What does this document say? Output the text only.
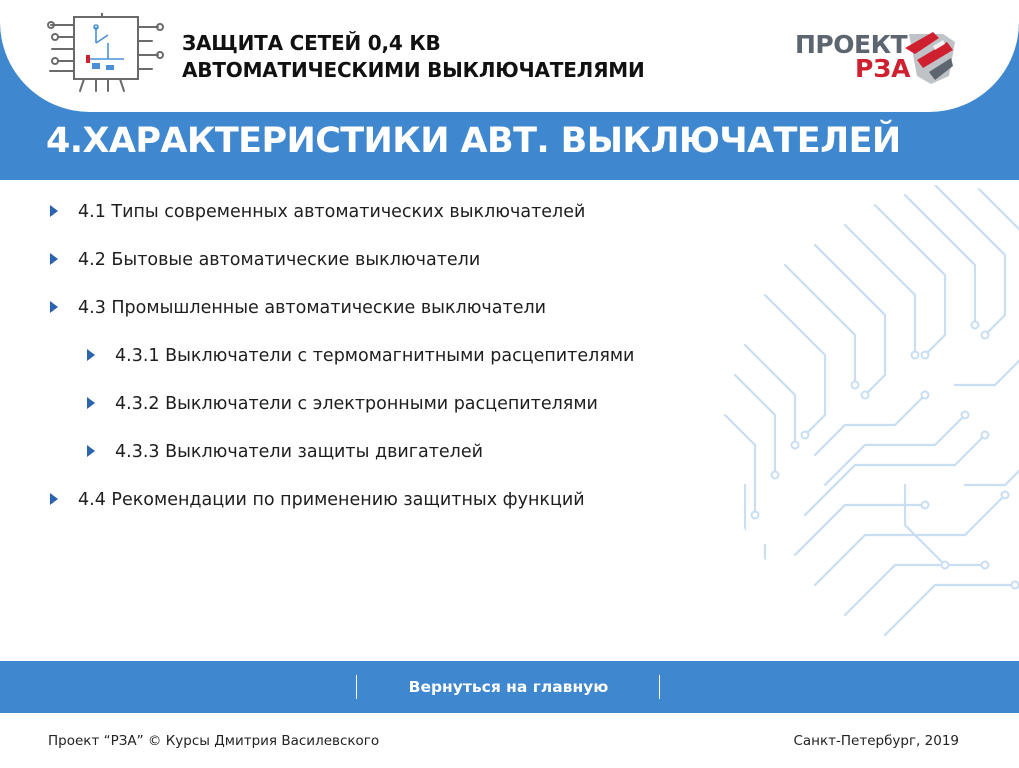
ЗАЩИТА СЕТЕЙ 0,4 КВ
АВТОМАТИЧЕСКИМИ ВЫКЛЮЧАТЕЛЯМИ
ПРОЕКТ
РЗА
4.ХАРАКТЕРИСТИКИ АВТ. ВЫКЛЮЧАТЕЛЕЙ
4.1 Типы современных автоматических выключателей
4.2 Бытовые автоматические выключатели
4.3 Промышленные автоматические выключатели
4.3.1 Выключатели с термомагнитными расцепителями
4.3.2 Выключатели с электронными расцепителями
4.3.3 Выключатели защиты двигателей
4.4 Рекомендации по применению защитных функций
Вернуться на главную
Проект “РЗА” © Курсы Дмитрия Василевского	Санкт-Петербург, 2019
